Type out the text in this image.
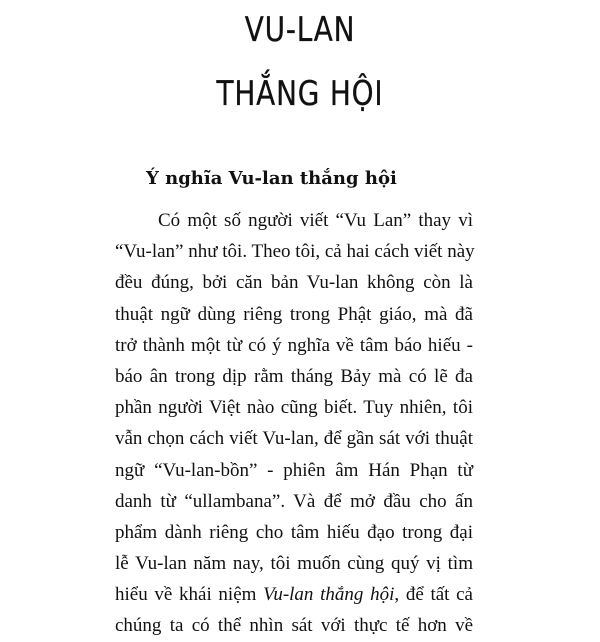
VU-LAN
THẮNG HỘI
Ý nghĩa Vu-lan thắng hội
Có một số người viết “Vu Lan” thay vì
“Vu-lan” như tôi. Theo tôi, cả hai cách viết này
đều đúng, bởi căn bản Vu-lan không còn là
thuật ngữ dùng riêng trong Phật giáo, mà đã
trở thành một từ có ý nghĩa về tâm báo hiếu -
báo ân trong dịp rằm tháng Bảy mà có lẽ đa
phần người Việt nào cũng biết. Tuy nhiên, tôi
vẫn chọn cách viết Vu-lan, để gần sát với thuật
ngữ “Vu-lan-bồn” - phiên âm Hán Phạn từ
danh từ “ullambana”. Và để mở đầu cho ấn
phẩm dành riêng cho tâm hiếu đạo trong đại
lễ Vu-lan năm nay, tôi muốn cùng quý vị tìm
hiểu về khái niệm Vu-lan thắng hội, để tất cả
chúng ta có thể nhìn sát với thực tế hơn về
